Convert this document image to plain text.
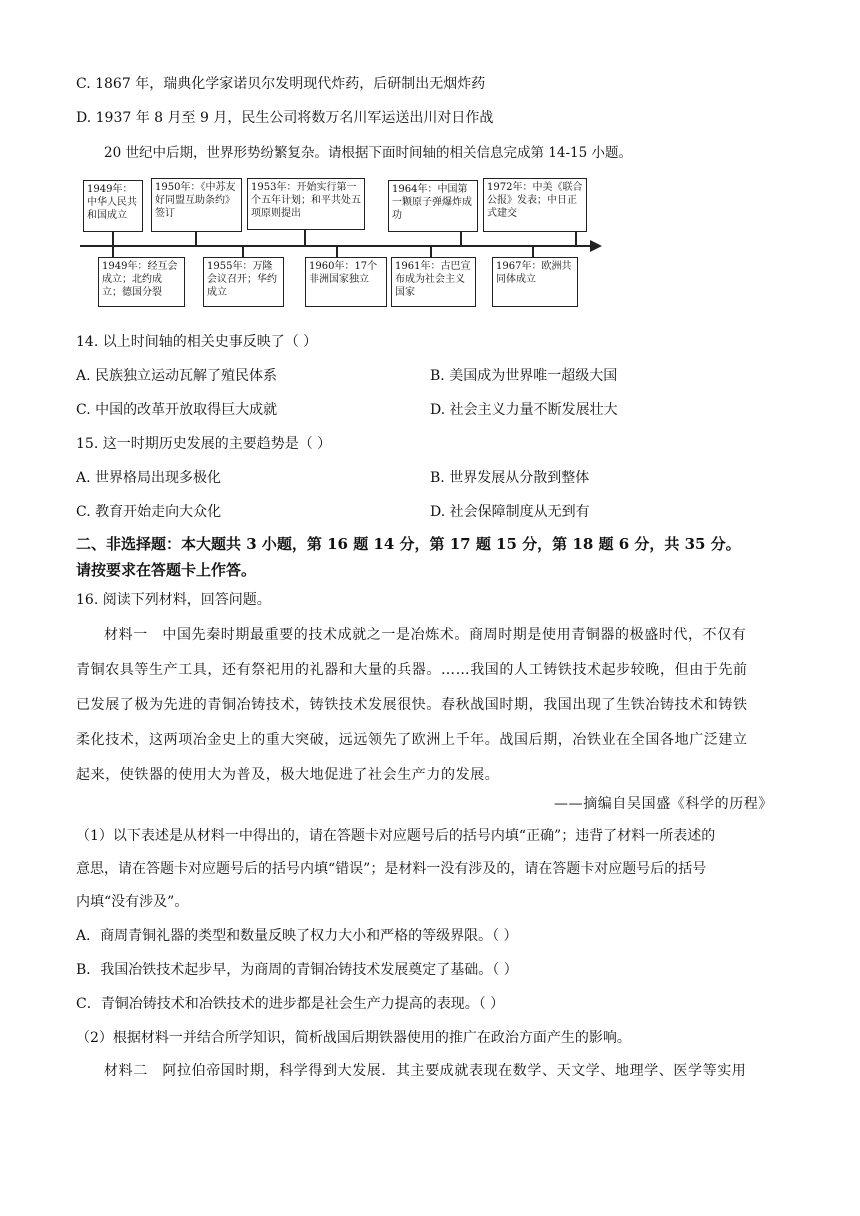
C. 1867 年，瑞典化学家诺贝尔发明现代炸药，后研制出无烟炸药
D. 1937 年 8 月至 9 月，民生公司将数万名川军运送出川对日作战
20 世纪中后期，世界形势纷繁复杂。请根据下面时间轴的相关信息完成第 14-15 小题。
1949年：中华人民共和国成立
1950年：《中苏友好同盟互助条约》签订
1953年：开始实行第一个五年计划；和平共处五项原则提出
1964年：中国第一颗原子弹爆炸成功
1972年：中美《联合公报》发表；中日正式建交
1949年：经互会成立；北约成立；德国分裂
1955年：万隆会议召开；华约成立
1960年：17个非洲国家独立
1961年：古巴宣布成为社会主义国家
1967年：欧洲共同体成立
14. 以上时间轴的相关史事反映了（ ）
A. 民族独立运动瓦解了殖民体系	B. 美国成为世界唯一超级大国
C. 中国的改革开放取得巨大成就	D. 社会主义力量不断发展壮大
15. 这一时期历史发展的主要趋势是（ ）
A. 世界格局出现多极化	B. 世界发展从分散到整体
C. 教育开始走向大众化	D. 社会保障制度从无到有
二、非选择题：本大题共 3 小题，第 16 题 14 分，第 17 题 15 分，第 18 题 6 分，共 35 分。
请按要求在答题卡上作答。
16. 阅读下列材料，回答问题。
材料一　中国先秦时期最重要的技术成就之一是冶炼术。商周时期是使用青铜器的极盛时代，不仅有
青铜农具等生产工具，还有祭祀用的礼器和大量的兵器。……我国的人工铸铁技术起步较晚，但由于先前
已发展了极为先进的青铜冶铸技术，铸铁技术发展很快。春秋战国时期，我国出现了生铁冶铸技术和铸铁
柔化技术，这两项冶金史上的重大突破，远远领先了欧洲上千年。战国后期，冶铁业在全国各地广泛建立
起来，使铁器的使用大为普及，极大地促进了社会生产力的发展。
——摘编自吴国盛《科学的历程》
（1）以下表述是从材料一中得出的，请在答题卡对应题号后的括号内填“正确”；违背了材料一所表述的
意思，请在答题卡对应题号后的括号内填“错误”；是材料一没有涉及的，请在答题卡对应题号后的括号
内填“没有涉及”。
A．商周青铜礼器的类型和数量反映了权力大小和严格的等级界限。（ ）
B．我国冶铁技术起步早，为商周的青铜冶铸技术发展奠定了基础。（ ）
C．青铜冶铸技术和冶铁技术的进步都是社会生产力提高的表现。（ ）
（2）根据材料一并结合所学知识，简析战国后期铁器使用的推广在政治方面产生的影响。
材料二　阿拉伯帝国时期，科学得到大发展．其主要成就表现在数学、天文学、地理学、医学等实用
